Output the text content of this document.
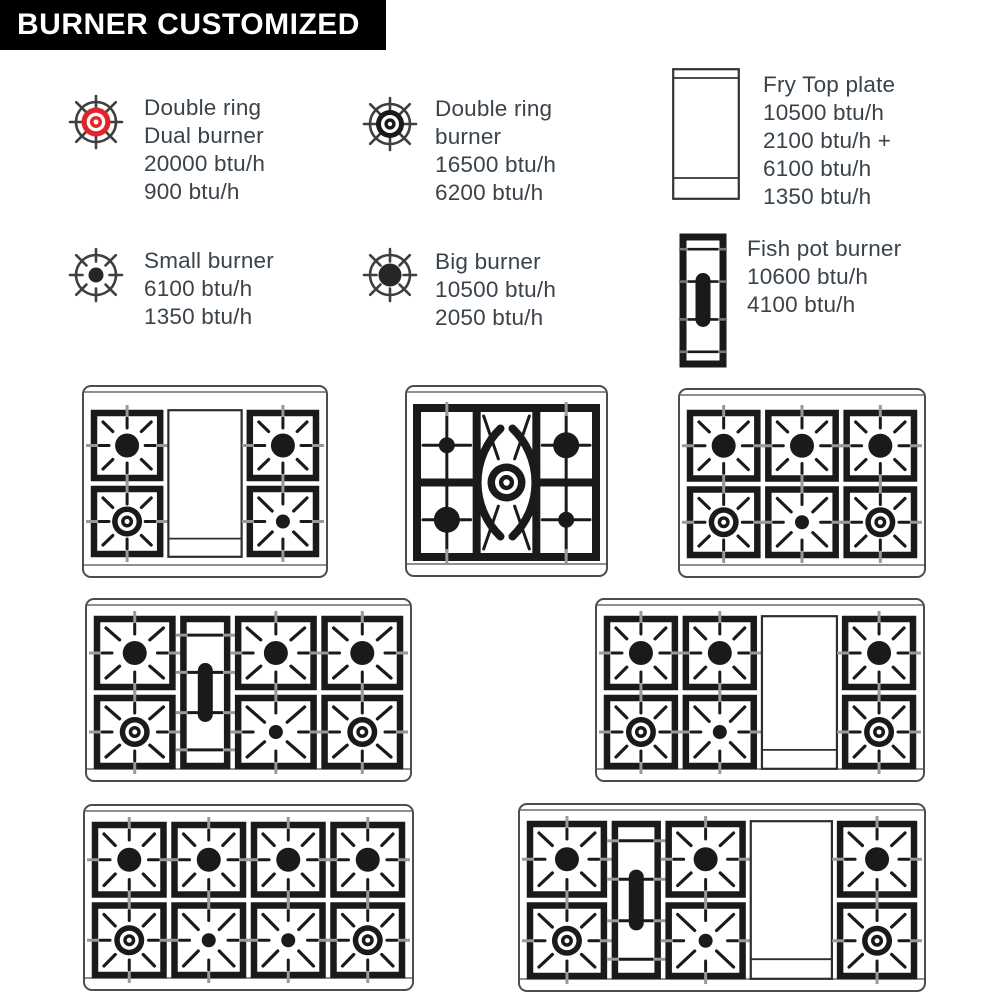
BURNER CUSTOMIZED
Double ring
Dual burner
20000 btu/h
900 btu/h
Double ring
burner
16500 btu/h
6200 btu/h
Fry Top plate
10500 btu/h
2100 btu/h +
6100 btu/h
1350 btu/h
Small burner
6100 btu/h
1350 btu/h
Big burner
10500 btu/h
2050 btu/h
Fish pot burner
10600 btu/h
4100 btu/h
